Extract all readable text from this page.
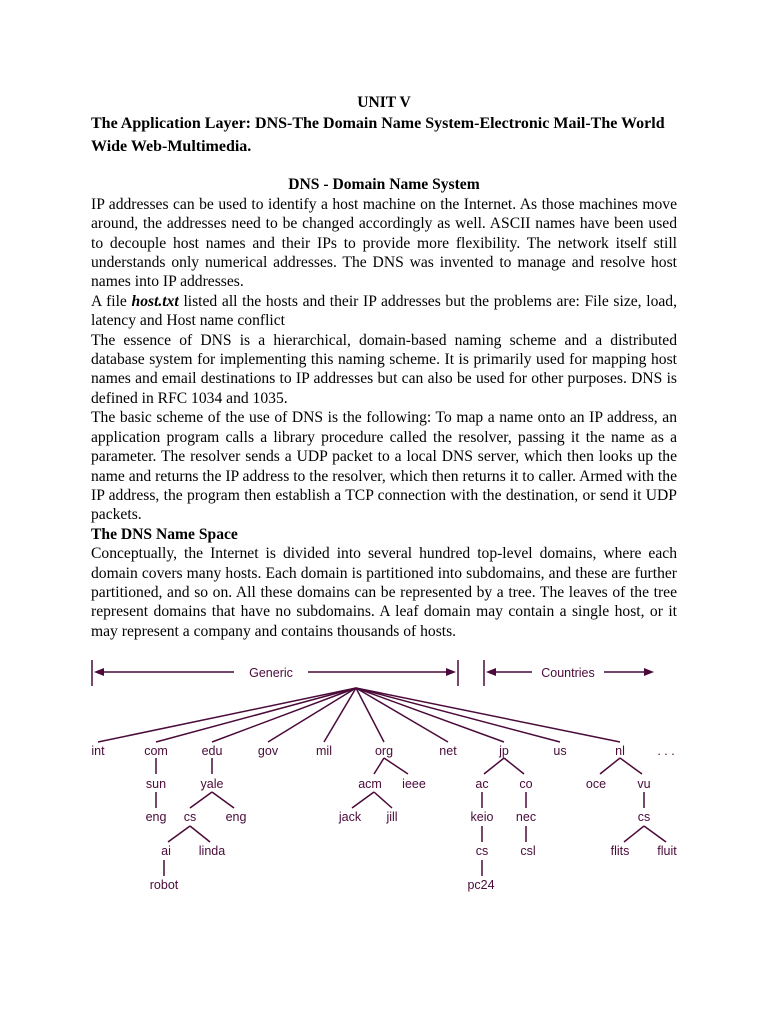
UNIT V

The Application Layer: DNS-The Domain Name System-Electronic Mail-The World Wide Web-Multimedia.

DNS - Domain Name System

IP addresses can be used to identify a host machine on the Internet. As those machines move around, the addresses need to be changed accordingly as well. ASCII names have been used to decouple host names and their IPs to provide more flexibility. The network itself still understands only numerical addresses. The DNS was invented to manage and resolve host names into IP addresses.

A file host.txt listed all the hosts and their IP addresses but the problems are: File size, load, latency and Host name conflict

The essence of DNS is a hierarchical, domain-based naming scheme and a distributed database system for implementing this naming scheme. It is primarily used for mapping host names and email destinations to IP addresses but can also be used for other purposes. DNS is defined in RFC 1034 and 1035.

The basic scheme of the use of DNS is the following: To map a name onto an IP address, an application program calls a library procedure called the resolver, passing it the name as a parameter. The resolver sends a UDP packet to a local DNS server, which then looks up the name and returns the IP address to the resolver, which then returns it to caller. Armed with the IP address, the program then establish a TCP connection with the destination, or send it UDP packets.

The DNS Name Space

Conceptually, the Internet is divided into several hundred top-level domains, where each domain covers many hosts. Each domain is partitioned into subdomains, and these are further partitioned, and so on. All these domains can be represented by a tree. The leaves of the tree represent domains that have no subdomains. A leaf domain may contain a single host, or it may represent a company and contains thousands of hosts.

Generic	Countries
int	com	edu	gov	mil	org	net	jp	us	nl	. . .
sun	yale	acm ieee	ac co	oce	vu
eng cs eng	jack jill	keio nec	cs
ai linda	cs	csl	flits fluit
robot	pc24
